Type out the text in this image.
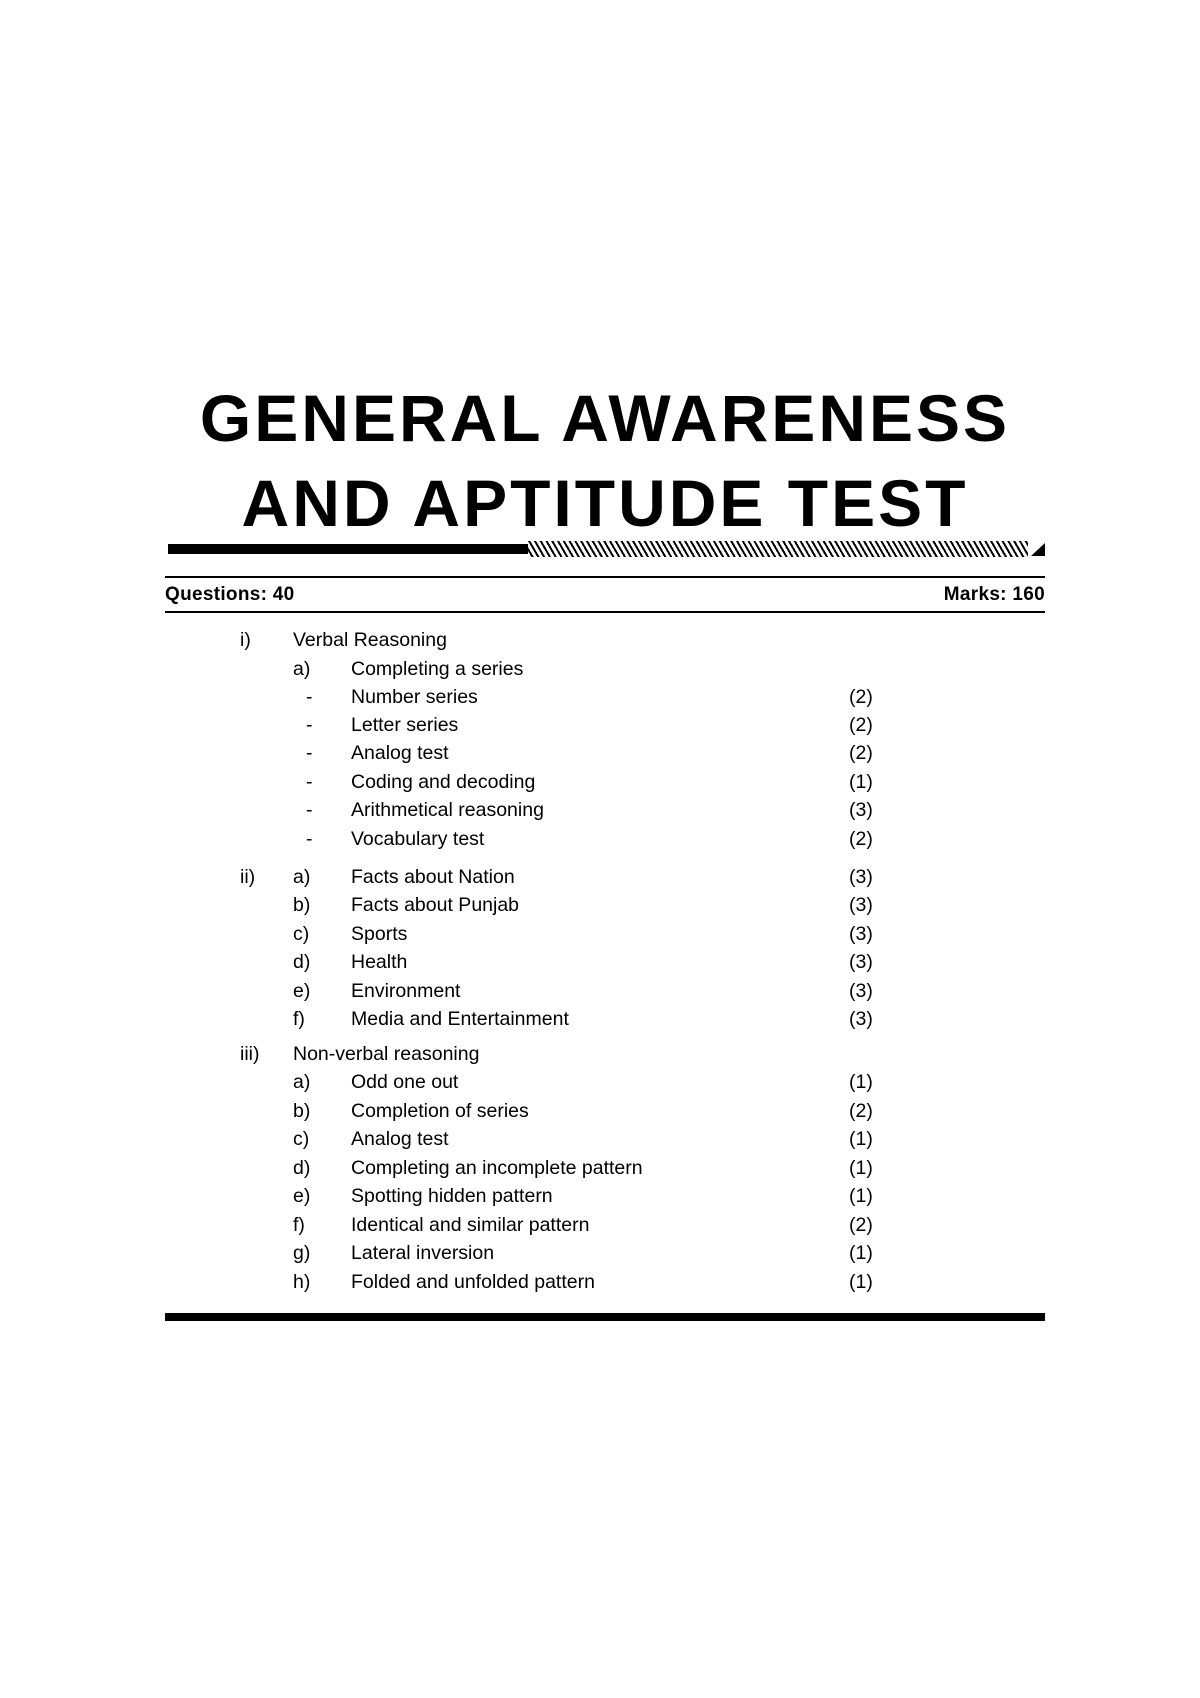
GENERAL AWARENESS
AND APTITUDE TEST
Questions: 40	Marks: 160
i) Verbal Reasoning
a) Completing a series
- Number series	(2)
- Letter series	(2)
- Analog test	(2)
- Coding and decoding	(1)
- Arithmetical reasoning	(3)
- Vocabulary test	(2)
ii) a) Facts about Nation	(3)
b) Facts about Punjab	(3)
c) Sports	(3)
d) Health	(3)
e) Environment	(3)
f) Media and Entertainment	(3)
iii) Non-verbal reasoning
a) Odd one out	(1)
b) Completion of series	(2)
c) Analog test	(1)
d) Completing an incomplete pattern	(1)
e) Spotting hidden pattern	(1)
f) Identical and similar pattern	(2)
g) Lateral inversion	(1)
h) Folded and unfolded pattern	(1)
